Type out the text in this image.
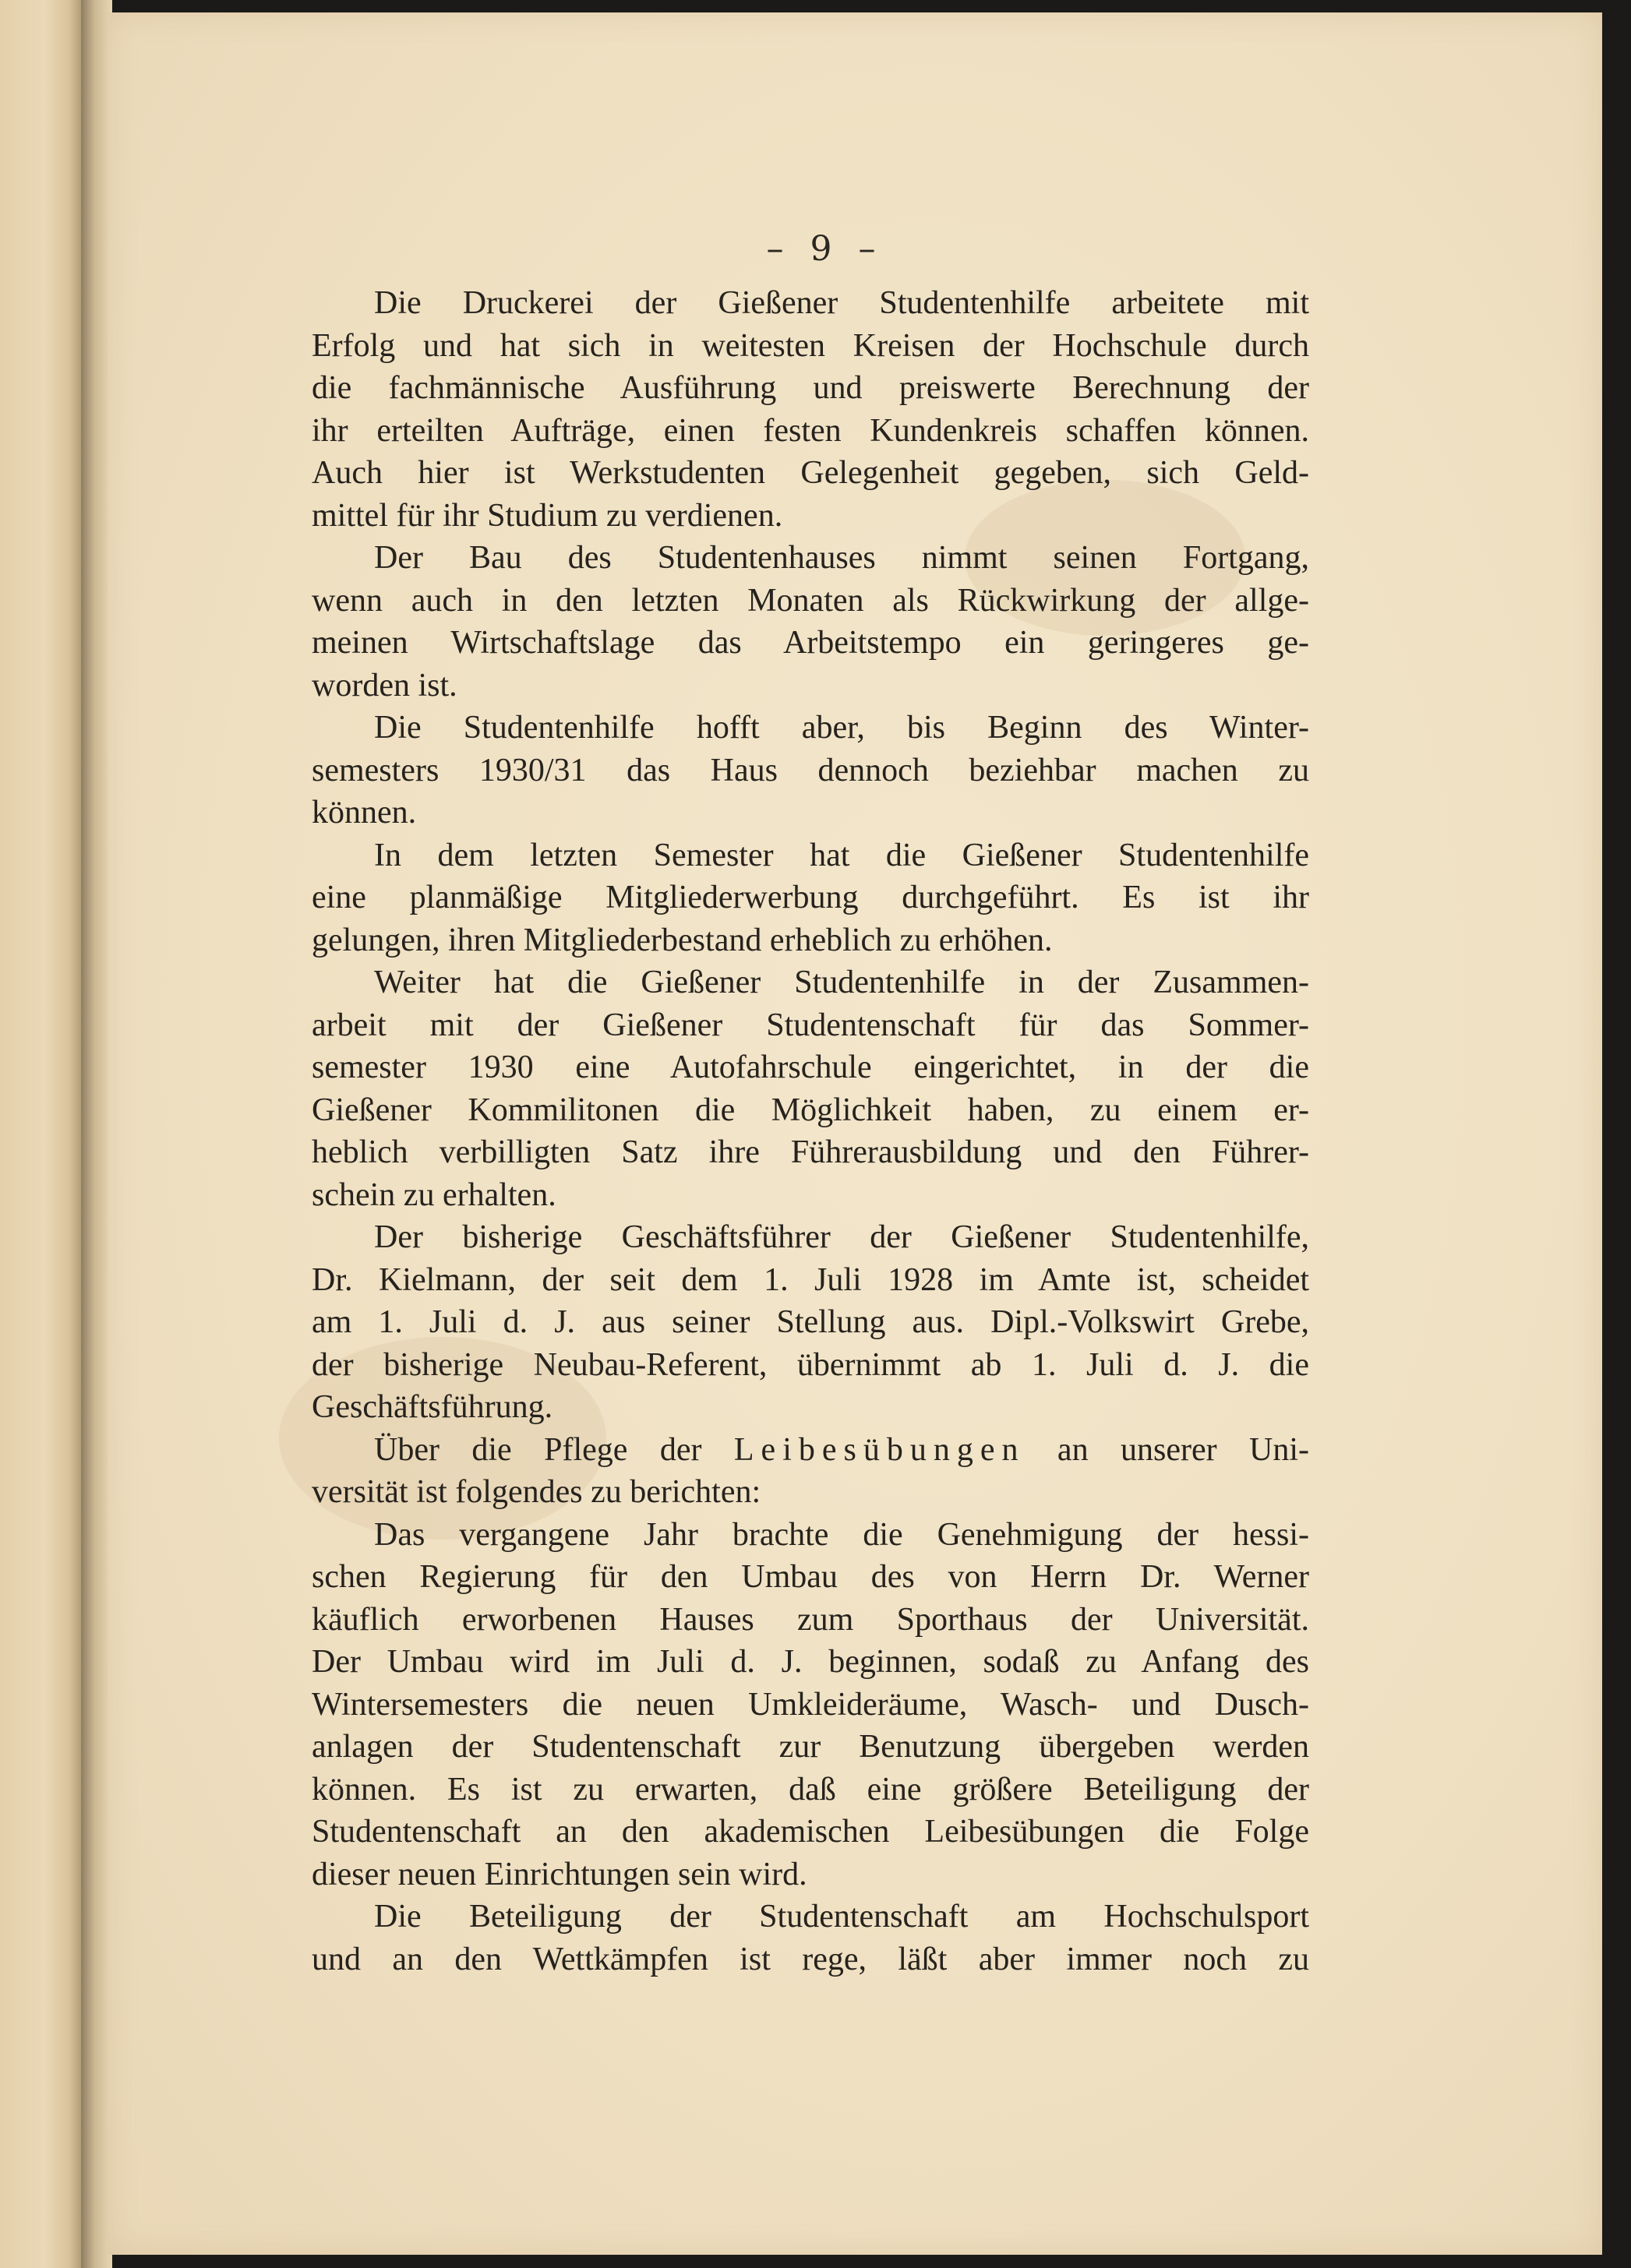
– 9 –
Die Druckerei der Gießener Studentenhilfe arbeitete mit
Erfolg und hat sich in weitesten Kreisen der Hochschule durch
die fachmännische Ausführung und preiswerte Berechnung der
ihr erteilten Aufträge, einen festen Kundenkreis schaffen können.
Auch hier ist Werkstudenten Gelegenheit gegeben, sich Geld-
mittel für ihr Studium zu verdienen.
Der Bau des Studentenhauses nimmt seinen Fortgang,
wenn auch in den letzten Monaten als Rückwirkung der allge-
meinen Wirtschaftslage das Arbeitstempo ein geringeres ge-
worden ist.
Die Studentenhilfe hofft aber, bis Beginn des Winter-
semesters 1930/31 das Haus dennoch beziehbar machen zu
können.
In dem letzten Semester hat die Gießener Studentenhilfe
eine planmäßige Mitgliederwerbung durchgeführt. Es ist ihr
gelungen, ihren Mitgliederbestand erheblich zu erhöhen.
Weiter hat die Gießener Studentenhilfe in der Zusammen-
arbeit mit der Gießener Studentenschaft für das Sommer-
semester 1930 eine Autofahrschule eingerichtet, in der die
Gießener Kommilitonen die Möglichkeit haben, zu einem er-
heblich verbilligten Satz ihre Führerausbildung und den Führer-
schein zu erhalten.
Der bisherige Geschäftsführer der Gießener Studentenhilfe,
Dr. Kielmann, der seit dem 1. Juli 1928 im Amte ist, scheidet
am 1. Juli d. J. aus seiner Stellung aus. Dipl.-Volkswirt Grebe,
der bisherige Neubau-Referent, übernimmt ab 1. Juli d. J. die
Geschäftsführung.
Über die Pflege der Leibesübungen an unserer Uni-
versität ist folgendes zu berichten:
Das vergangene Jahr brachte die Genehmigung der hessi-
schen Regierung für den Umbau des von Herrn Dr. Werner
käuflich erworbenen Hauses zum Sporthaus der Universität.
Der Umbau wird im Juli d. J. beginnen, sodaß zu Anfang des
Wintersemesters die neuen Umkleideräume, Wasch- und Dusch-
anlagen der Studentenschaft zur Benutzung übergeben werden
können. Es ist zu erwarten, daß eine größere Beteiligung der
Studentenschaft an den akademischen Leibesübungen die Folge
dieser neuen Einrichtungen sein wird.
Die Beteiligung der Studentenschaft am Hochschulsport
und an den Wettkämpfen ist rege, läßt aber immer noch zu
